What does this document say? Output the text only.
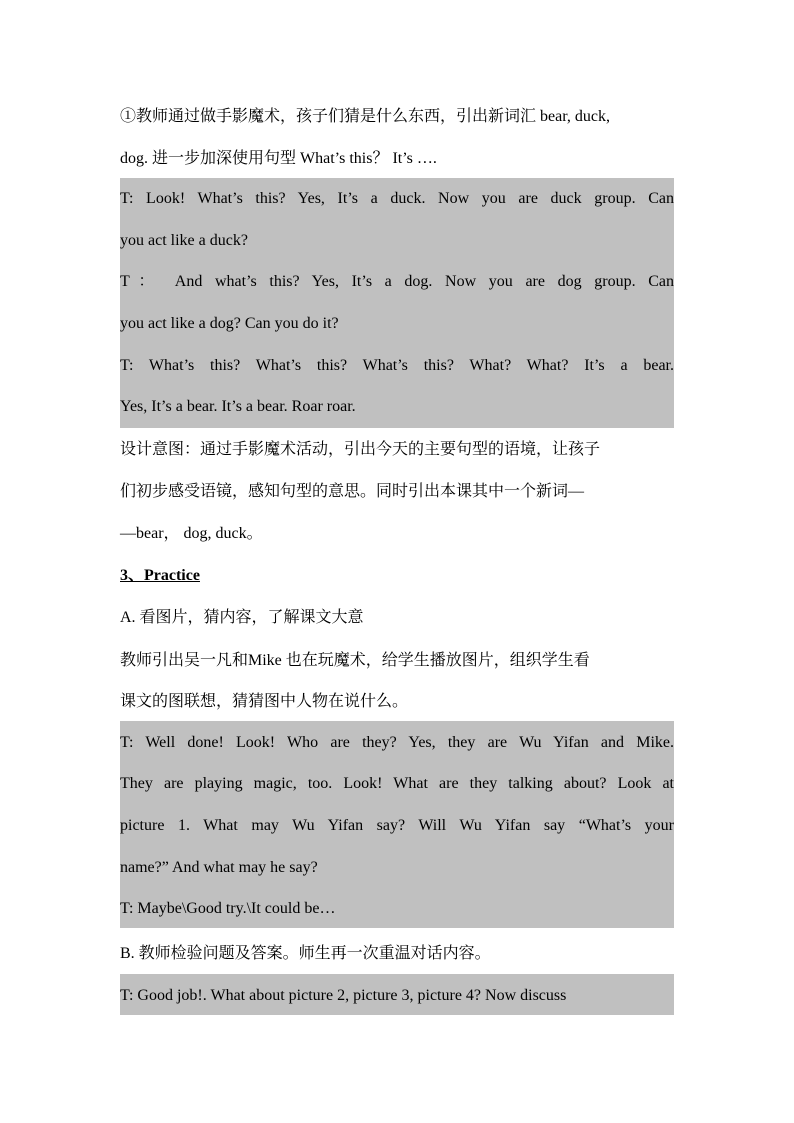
①教师通过做手影魔术，孩子们猜是什么东西，引出新词汇 bear, duck,
dog. 进一步加深使用句型 What’s this？ It’s ….
T: Look! What’s this? Yes, It’s a duck. Now you are duck group. Can
you act like a duck?
T： And what’s this? Yes, It’s a dog. Now you are dog group. Can
you act like a dog? Can you do it?
T: What’s this? What’s this? What’s this? What? What? It’s a bear.
Yes, It’s a bear. It’s a bear. Roar roar.
设计意图：通过手影魔术活动，引出今天的主要句型的语境，让孩子
们初步感受语镜，感知句型的意思。同时引出本课其中一个新词—
—bear， dog, duck。
3、Practice
A. 看图片，猜内容，了解课文大意
教师引出吴一凡和Mike 也在玩魔术，给学生播放图片，组织学生看
课文的图联想，猜猜图中人物在说什么。
T: Well done! Look! Who are they? Yes, they are Wu Yifan and Mike.
They are playing magic, too. Look! What are they talking about? Look at
picture 1. What may Wu Yifan say? Will Wu Yifan say “What’s your
name?” And what may he say?
T: Maybe\Good try.\It could be…
B. 教师检验问题及答案。师生再一次重温对话内容。
T: Good job!. What about picture 2, picture 3, picture 4? Now discuss
